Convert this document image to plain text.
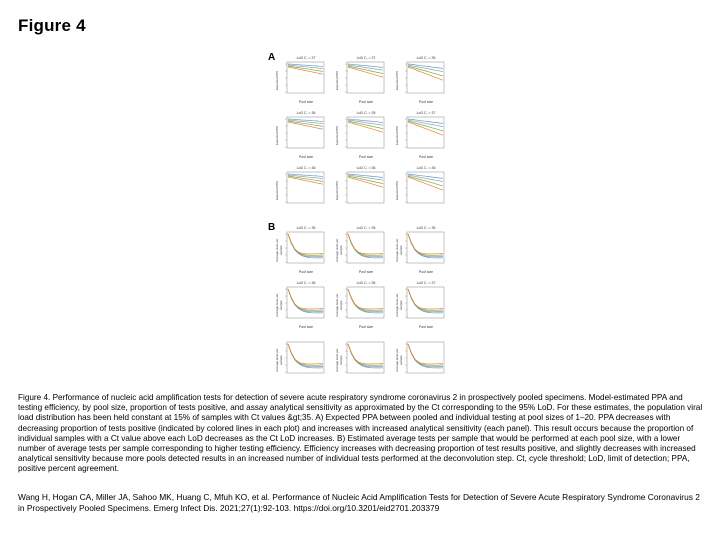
Figure 4
A
B
LoD C, = 37
Expected PPA
Pool size
LoD C, = 37
Expected PPA
Pool size
LoD C, = 35
Expected PPA
Pool size
LoD C, = 36
Expected PPA
Pool size
LoD C, = 35
Expected PPA
Pool size
LoD C, = 37
Expected PPA
Pool size
LoD C, = 36
Expected PPA
LoD C, = 36
Expected PPA
LoD C, = 36
Expected PPA
LoD C, = 35
Average tests per sample
Pool size
LoD C, = 35
Average tests per sample
Pool size
LoD C, = 35
Average tests per sample
Pool size
LoD C, = 36
Average tests per sample
Pool size
LoD C, = 36
Average tests per sample
Pool size
LoD C, = 37
Average tests per sample
Pool size
Average tests per sample	Average tests per sample	Average tests per sample
Figure 4. Performance of nucleic acid amplification tests for detection of severe acute respiratory syndrome coronavirus 2 in prospectively pooled specimens. Model-estimated PPA and testing efficiency, by pool size, proportion of tests positive, and assay analytical sensitivity as approximated by the Ct corresponding to the 95% LoD. For these estimates, the population viral load distribution has been held constant at 15% of samples with Ct values &gt;35. A) Expected PPA between pooled and individual testing at pool sizes of 1–20. PPA decreases with decreasing proportion of tests positive (indicated by colored lines in each plot) and increases with increased analytical sensitivity (each panel). This result occurs because the proportion of individual samples with a Ct value above each LoD decreases as the Ct LoD increases. B) Estimated average tests per sample that would be performed at each pool size, with a lower number of average tests per sample corresponding to higher testing efficiency. Efficiency increases with decreasing proportion of test results positive, and slightly decreases with increased analytical sensitivity because more pools detected results in an increased number of individual tests performed at the deconvolution step. Ct, cycle threshold; LoD, limit of detection; PPA, positive percent agreement.
Wang H, Hogan CA, Miller JA, Sahoo MK, Huang C, Mfuh KO, et al. Performance of Nucleic Acid Amplification Tests for Detection of Severe Acute Respiratory Syndrome Coronavirus 2 in Prospectively Pooled Specimens. Emerg Infect Dis. 2021;27(1):92-103. https://doi.org/10.3201/eid2701.203379
